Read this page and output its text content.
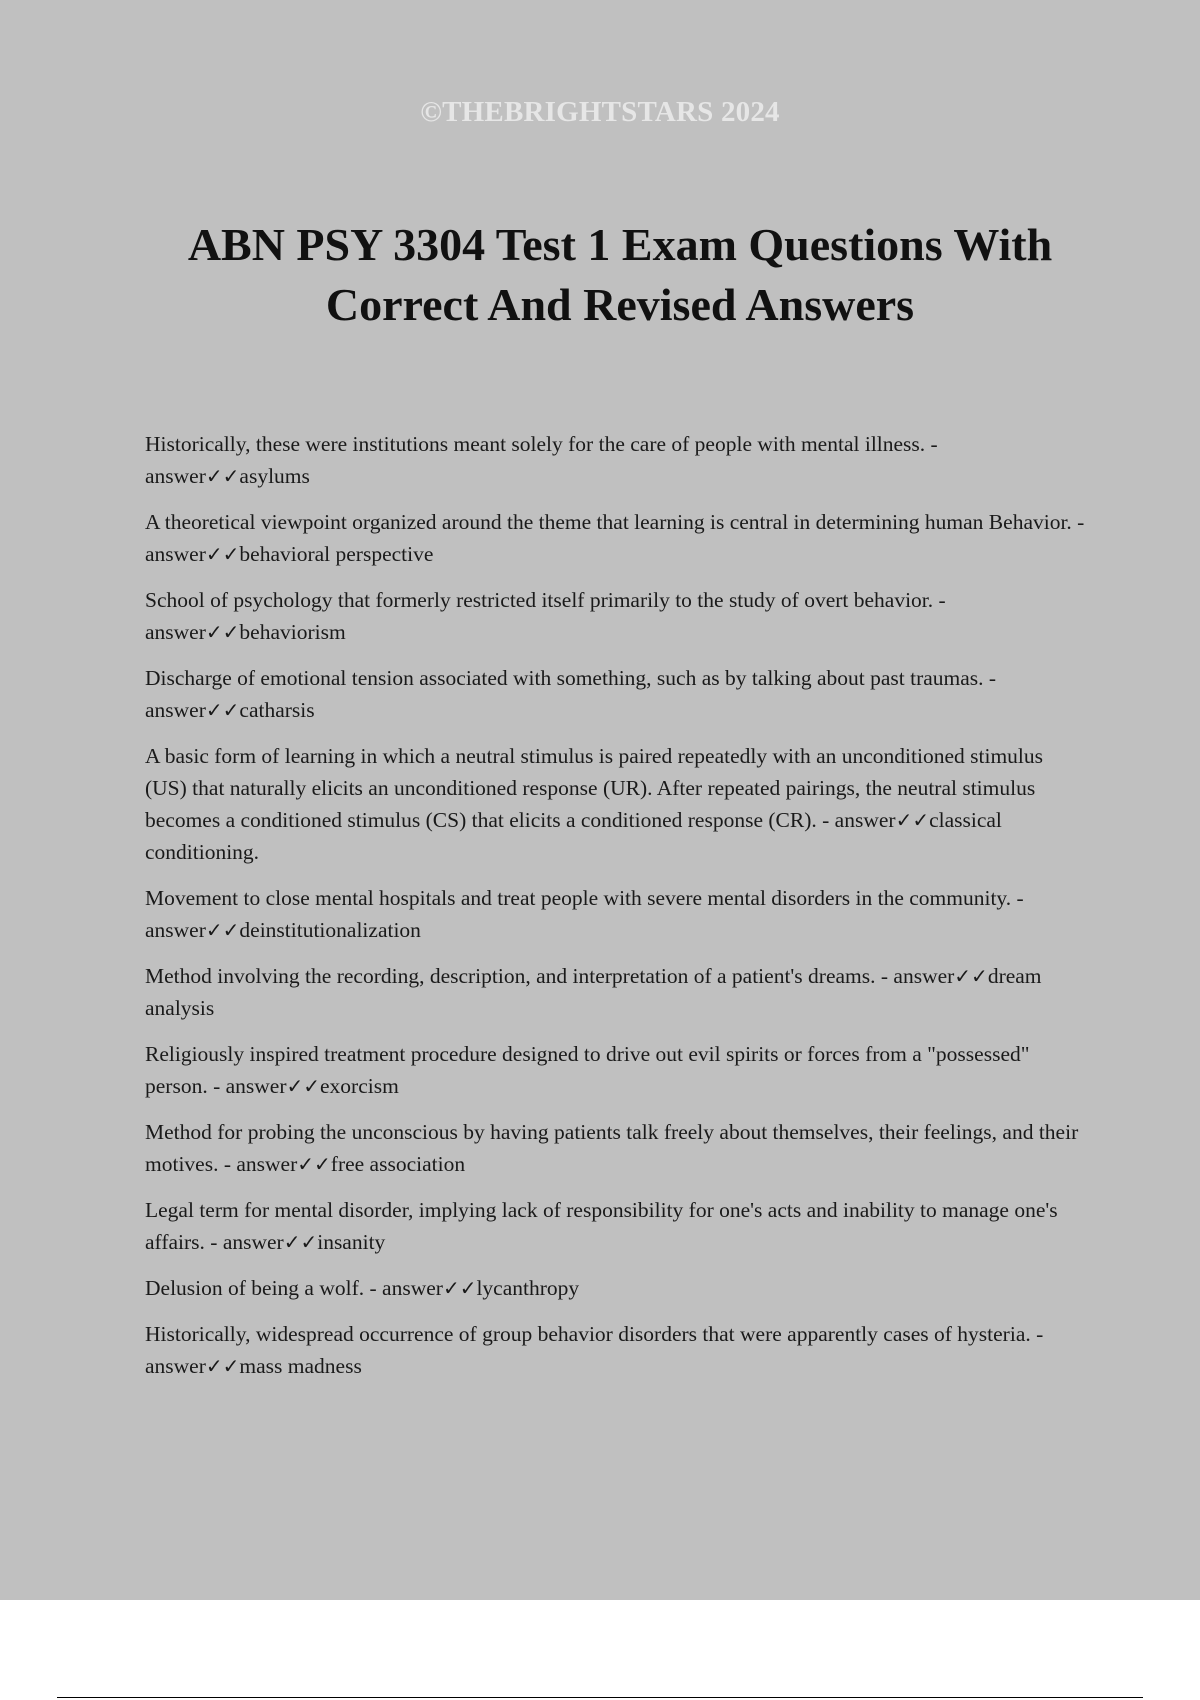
©THEBRIGHTSTARS 2024
ABN PSY 3304 Test 1 Exam Questions With Correct And Revised Answers
Historically, these were institutions meant solely for the care of people with mental illness. - answer✓✓asylums
A theoretical viewpoint organized around the theme that learning is central in determining human Behavior. - answer✓✓behavioral perspective
School of psychology that formerly restricted itself primarily to the study of overt behavior. - answer✓✓behaviorism
Discharge of emotional tension associated with something, such as by talking about past traumas. - answer✓✓catharsis
A basic form of learning in which a neutral stimulus is paired repeatedly with an unconditioned stimulus (US) that naturally elicits an unconditioned response (UR). After repeated pairings, the neutral stimulus becomes a conditioned stimulus (CS) that elicits a conditioned response (CR). - answer✓✓classical conditioning.
Movement to close mental hospitals and treat people with severe mental disorders in the community. - answer✓✓deinstitutionalization
Method involving the recording, description, and interpretation of a patient's dreams. - answer✓✓dream analysis
Religiously inspired treatment procedure designed to drive out evil spirits or forces from a "possessed" person. - answer✓✓exorcism
Method for probing the unconscious by having patients talk freely about themselves, their feelings, and their motives. - answer✓✓free association
Legal term for mental disorder, implying lack of responsibility for one's acts and inability to manage one's affairs. - answer✓✓insanity
Delusion of being a wolf. - answer✓✓lycanthropy
Historically, widespread occurrence of group behavior disorders that were apparently cases of hysteria. - answer✓✓mass madness
